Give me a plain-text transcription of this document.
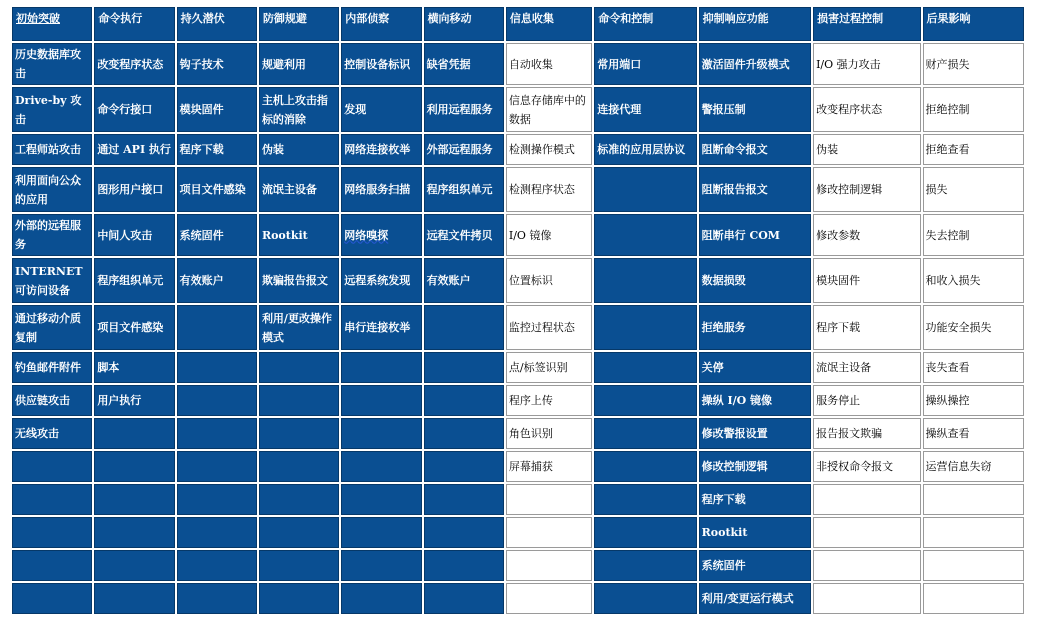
初始突破	命令执行	持久潜伏	防御规避	内部侦察	横向移动	信息收集	命令和控制	抑制响应功能	损害过程控制	后果影响
历史数据库攻击	改变程序状态	钩子技术	规避利用	控制设备标识	缺省凭据	自动收集	常用端口	激活固件升级模式	I/O 强力攻击	财产损失
Drive-by 攻击	命令行接口	模块固件	主机上攻击指标的消除	发现	利用远程服务	信息存储库中的数据	连接代理	警报压制	改变程序状态	拒绝控制
工程师站攻击	通过 API 执行	程序下载	伪装	网络连接枚举	外部远程服务	检测操作模式	标准的应用层协议	阻断命令报文	伪装	拒绝查看
利用面向公众的应用	图形用户接口	项目文件感染	流氓主设备	网络服务扫描	程序组织单元	检测程序状态		阻断报告报文	修改控制逻辑	损失
外部的远程服务	中间人攻击	系统固件	Rootkit	网络嗅探	远程文件拷贝	I/O 镜像		阻断串行 COM	修改参数	失去控制
INTERNET 可访问设备	程序组织单元	有效账户	欺骗报告报文	远程系统发现	有效账户	位置标识		数据损毁	模块固件	和收入损失
通过移动介质复制	项目文件感染		利用/更改操作模式	串行连接枚举		监控过程状态		拒绝服务	程序下载	功能安全损失
钓鱼邮件附件	脚本					点/标签识别		关停	流氓主设备	丧失查看
供应链攻击	用户执行					程序上传		操纵 I/O 镜像	服务停止	操纵操控
无线攻击						角色识别		修改警报设置	报告报文欺骗	操纵查看
						屏幕捕获		修改控制逻辑	非授权命令报文	运营信息失窃
								程序下载		
								Rootkit		
								系统固件		
								利用/变更运行模式		
